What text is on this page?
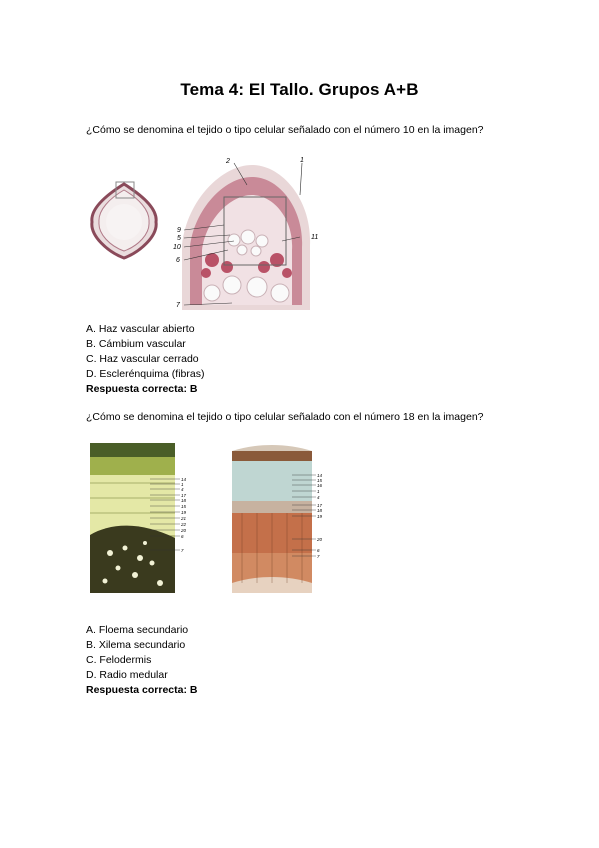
Tema 4: El Tallo. Grupos A+B
¿Cómo se denomina el tejido o tipo celular señalado con el número 10 en la imagen?
2	1
9
5
10
6
11
7
A. Haz vascular abierto
B. Cámbium vascular
C. Haz vascular cerrado
D. Esclerénquima (fibras)
Respuesta correcta: B
¿Cómo se denomina el tejido o tipo celular señalado con el número 18 en la imagen?
14
1
4
17
18
15
19
21
22
20
6
7
14
15
16
1
4
17
18
19
20
6
7
A. Floema secundario
B. Xilema secundario
C. Felodermis
D. Radio medular
Respuesta correcta: B
